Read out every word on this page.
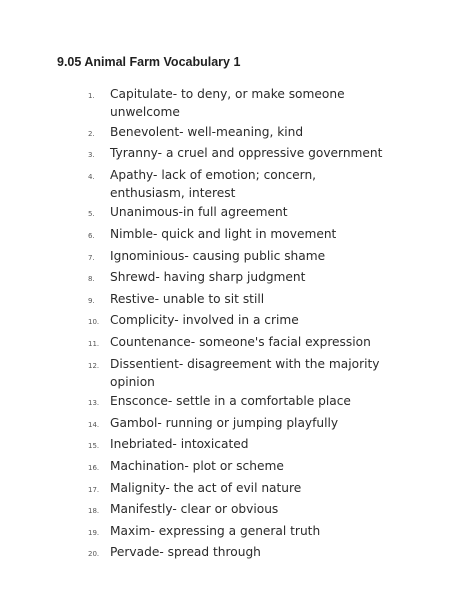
9.05 Animal Farm Vocabulary 1
1.	Capitulate- to deny, or make someone unwelcome
2.	Benevolent- well-meaning, kind
3.	Tyranny- a cruel and oppressive government
4.	Apathy- lack of emotion; concern, enthusiasm, interest
5.	Unanimous-in full agreement
6.	Nimble- quick and light in movement
7.	Ignominious- causing public shame
8.	Shrewd- having sharp judgment
9.	Restive- unable to sit still
10. Complicity- involved in a crime
11. Countenance- someone's facial expression
12. Dissentient- disagreement with the majority opinion
13. Ensconce- settle in a comfortable place
14. Gambol- running or jumping playfully
15. Inebriated- intoxicated
16. Machination- plot or scheme
17. Malignity- the act of evil nature
18. Manifestly- clear or obvious
19. Maxim- expressing a general truth
20. Pervade- spread through
